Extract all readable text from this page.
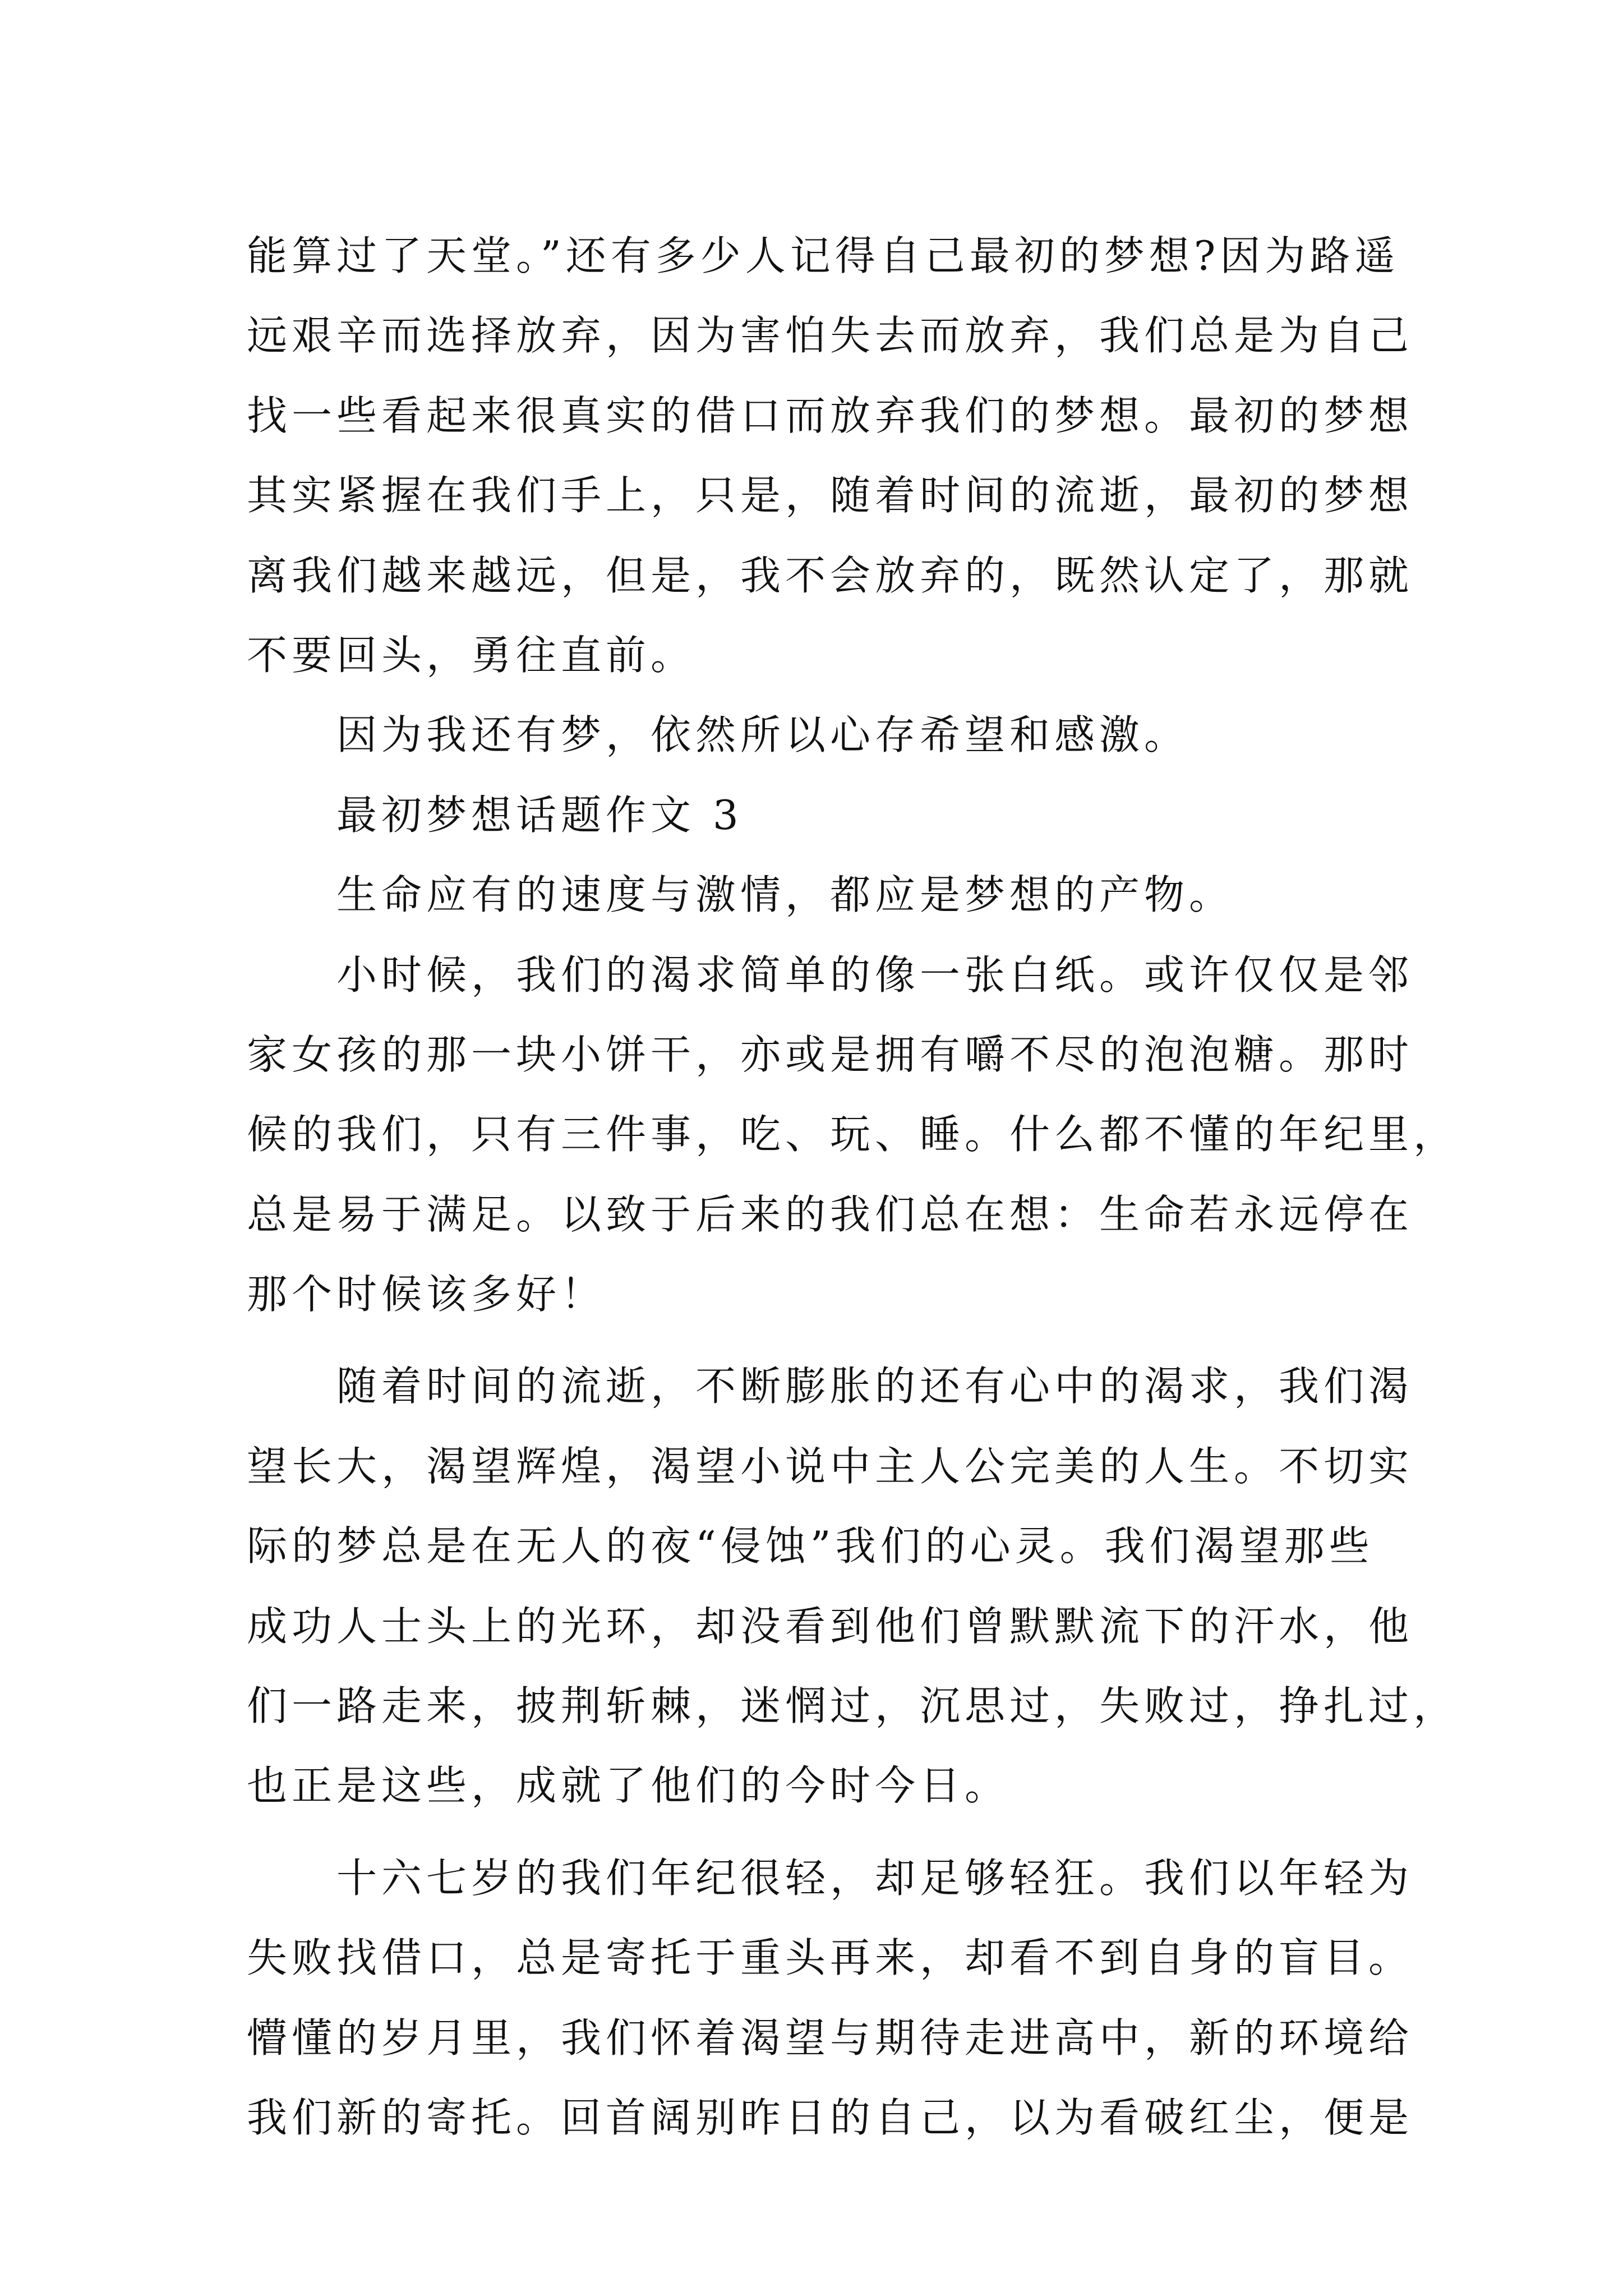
能算过了天堂。”还有多少人记得自己最初的梦想?因为路遥
远艰辛而选择放弃，因为害怕失去而放弃，我们总是为自己
找一些看起来很真实的借口而放弃我们的梦想。最初的梦想
其实紧握在我们手上，只是，随着时间的流逝，最初的梦想
离我们越来越远，但是，我不会放弃的，既然认定了，那就
不要回头，勇往直前。
因为我还有梦，依然所以心存希望和感激。
最初梦想话题作文 3
生命应有的速度与激情，都应是梦想的产物。
小时候，我们的渴求简单的像一张白纸。或许仅仅是邻
家女孩的那一块小饼干，亦或是拥有嚼不尽的泡泡糖。那时
候的我们，只有三件事，吃、玩、睡。什么都不懂的年纪里，
总是易于满足。以致于后来的我们总在想：生命若永远停在
那个时候该多好！
随着时间的流逝，不断膨胀的还有心中的渴求，我们渴
望长大，渴望辉煌，渴望小说中主人公完美的人生。不切实
际的梦总是在无人的夜“侵蚀”我们的心灵。我们渴望那些
成功人士头上的光环，却没看到他们曾默默流下的汗水，他
们一路走来，披荆斩棘，迷惘过，沉思过，失败过，挣扎过，
也正是这些，成就了他们的今时今日。
十六七岁的我们年纪很轻，却足够轻狂。我们以年轻为
失败找借口，总是寄托于重头再来，却看不到自身的盲目。
懵懂的岁月里，我们怀着渴望与期待走进高中，新的环境给
我们新的寄托。回首阔别昨日的自己，以为看破红尘，便是
